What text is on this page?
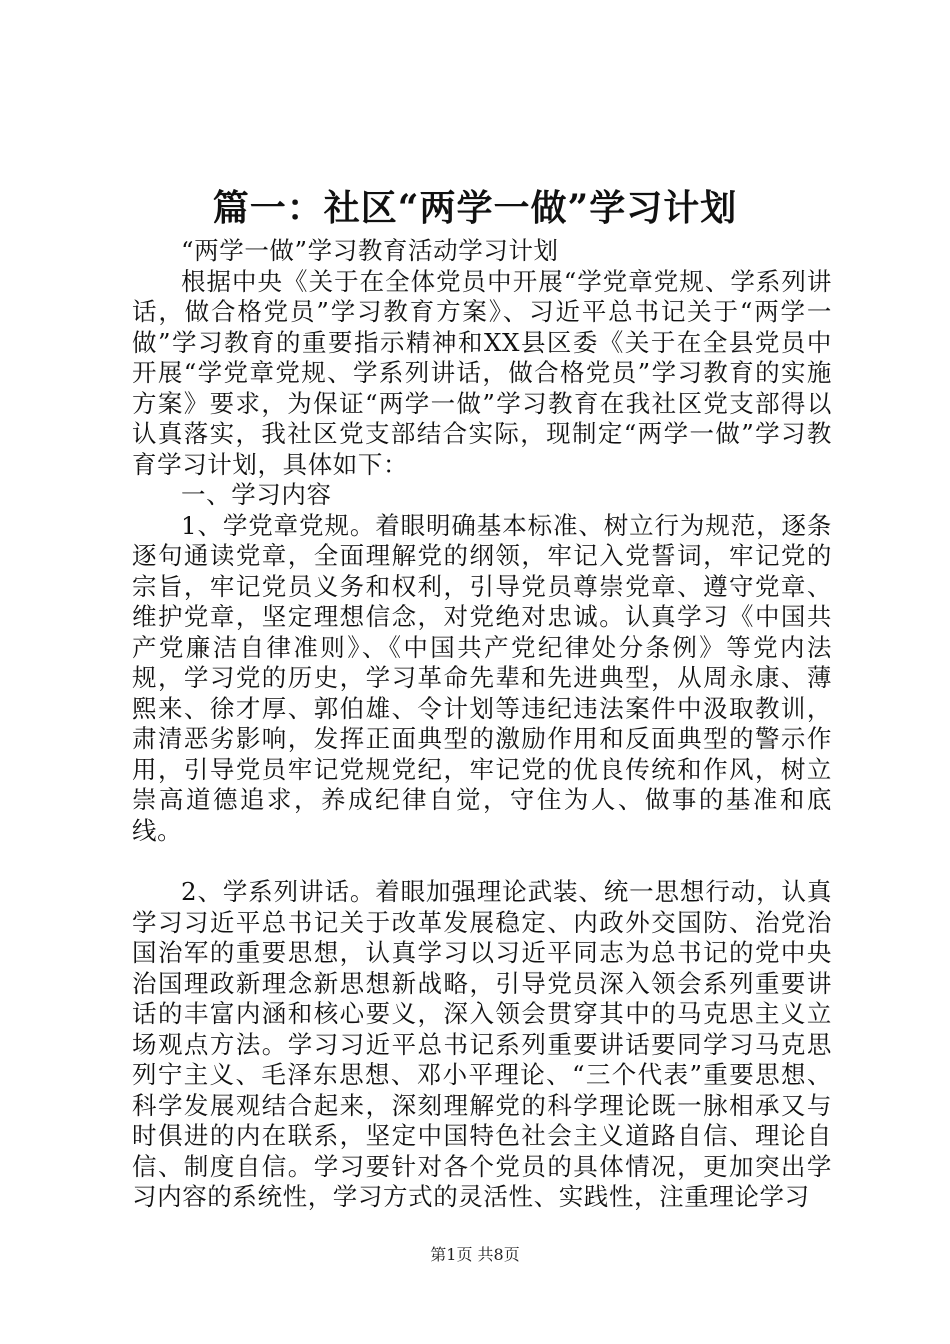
篇一：社区“两学一做”学习计划

“两学一做”学习教育活动学习计划

根据中央《关于在全体党员中开展“学党章党规、学系列讲话，做合格党员”学习教育方案》、习近平总书记关于“两学一做”学习教育的重要指示精神和XX县区委《关于在全县党员中开展“学党章党规、学系列讲话，做合格党员”学习教育的实施方案》要求，为保证“两学一做”学习教育在我社区党支部得以认真落实，我社区党支部结合实际，现制定“两学一做”学习教育学习计划，具体如下：

一、学习内容

1、学党章党规。着眼明确基本标准、树立行为规范，逐条逐句通读党章，全面理解党的纲领，牢记入党誓词，牢记党的宗旨，牢记党员义务和权利，引导党员尊崇党章、遵守党章、维护党章，坚定理想信念，对党绝对忠诚。认真学习《中国共产党廉洁自律准则》、《中国共产党纪律处分条例》等党内法规，学习党的历史，学习革命先辈和先进典型，从周永康、薄熙来、徐才厚、郭伯雄、令计划等违纪违法案件中汲取教训，肃清恶劣影响，发挥正面典型的激励作用和反面典型的警示作用，引导党员牢记党规党纪，牢记党的优良传统和作风，树立崇高道德追求，养成纪律自觉，守住为人、做事的基准和底线。

2、学系列讲话。着眼加强理论武装、统一思想行动，认真学习习近平总书记关于改革发展稳定、内政外交国防、治党治国治军的重要思想，认真学习以习近平同志为总书记的党中央治国理政新理念新思想新战略，引导党员深入领会系列重要讲话的丰富内涵和核心要义，深入领会贯穿其中的马克思主义立场观点方法。学习习近平总书记系列重要讲话要同学习马克思列宁主义、毛泽东思想、邓小平理论、“三个代表”重要思想、科学发展观结合起来，深刻理解党的科学理论既一脉相承又与时俱进的内在联系，坚定中国特色社会主义道路自信、理论自信、制度自信。学习要针对各个党员的具体情况，更加突出学习内容的系统性，学习方式的灵活性、实践性，注重理论学习

第1页 共8页
